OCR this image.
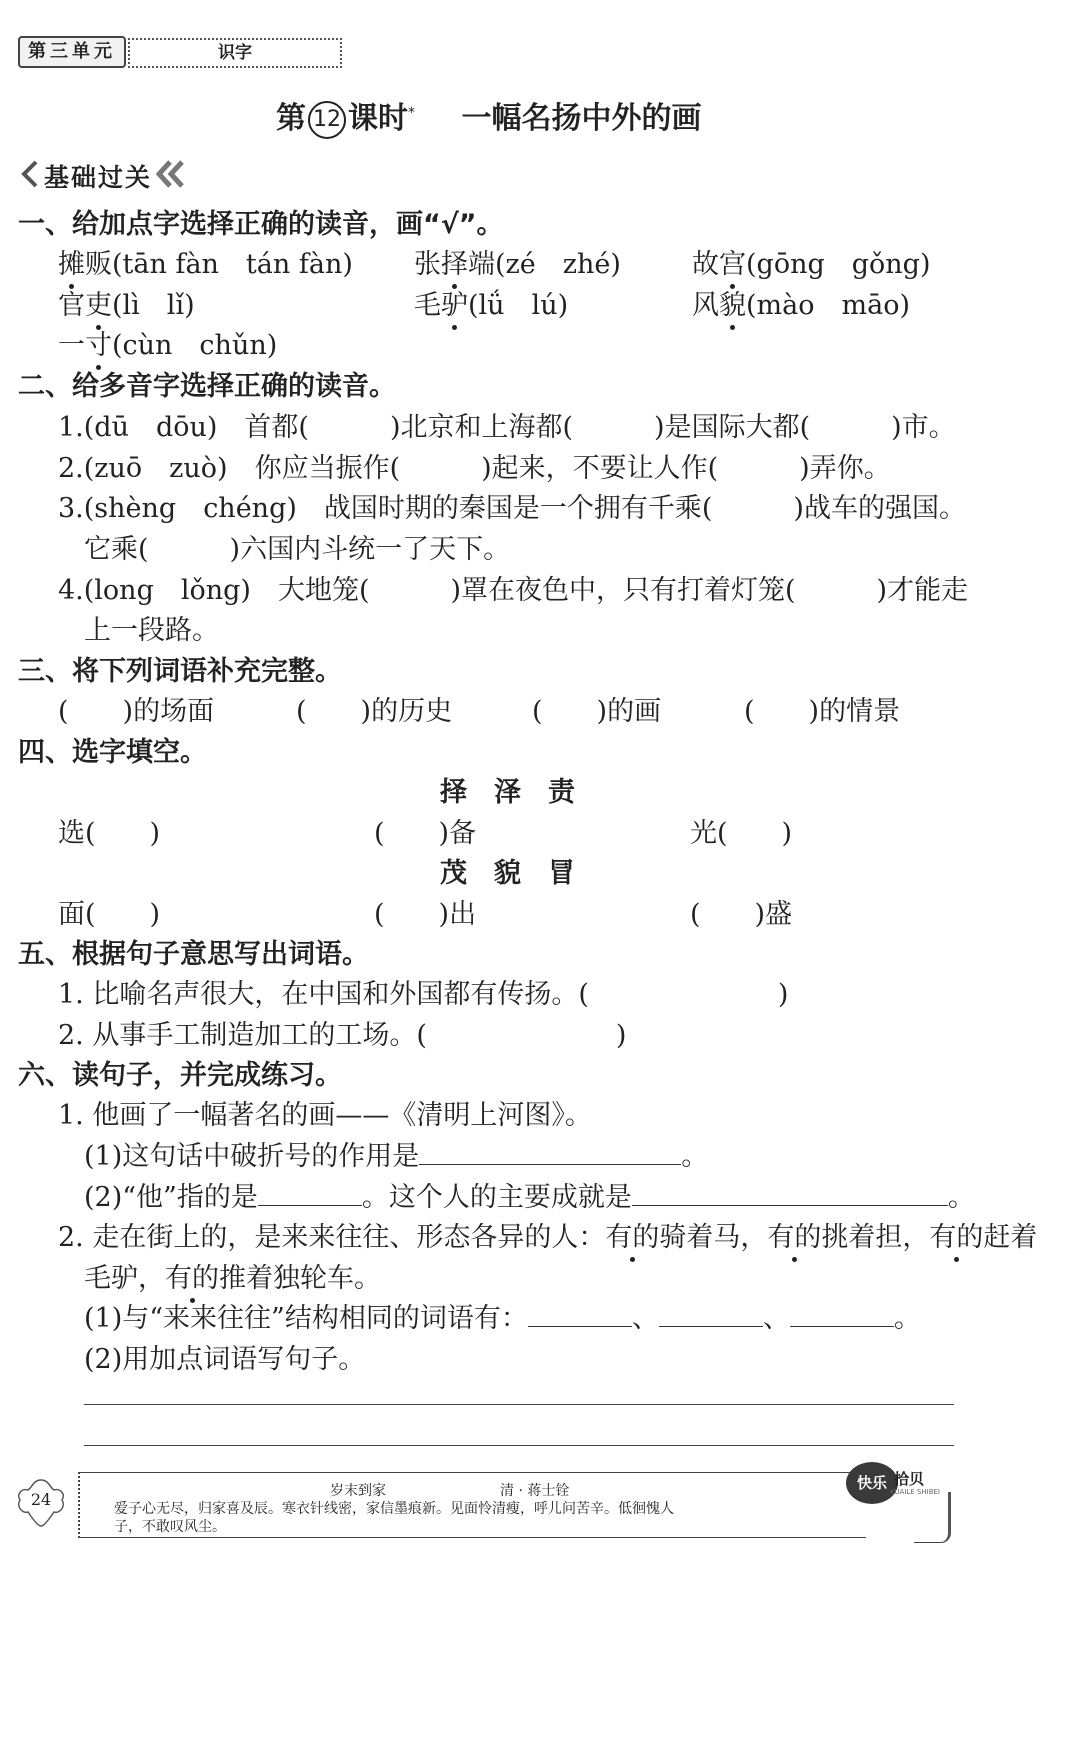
第三单元	识字
第 12 课时* 一幅名扬中外的画
基础过关
一、给加点字选择正确的读音，画“√”。
摊贩(tān fàn　tán fàn) 张择端(zé　zhé)	故宫(gōng　gǒng)
官吏(lì　lǐ)	毛驴(lǘ　lú)	风貌(mào　māo)
一寸(cùn　chǔn)
二、给多音字选择正确的读音。
1.(dū　dōu)　首都(　　　)北京和上海都(　　　)是国际大都(　　　)市。
2.(zuō　zuò)　你应当振作(　　　)起来，不要让人作(　　　)弄你。
3.(shèng　chéng)　战国时期的秦国是一个拥有千乘(　　　)战车的强国。
它乘(　　　)六国内斗统一了天下。
4.(long　lǒng)　大地笼(　　　)罩在夜色中，只有打着灯笼(　　　)才能走
上一段路。
三、将下列词语补充完整。
(　　)的场面	(　　)的历史	(　　)的画	(　　)的情景
四、选字填空。
择　泽　责
选(　　)	(　　)备	光(　　)
茂　貌　冒
面(　　)	(　　)出	(　　)盛
五、根据句子意思写出词语。
1. 比喻名声很大，在中国和外国都有传扬。(　　　　　　　)
2. 从事手工制造加工的工场。(　　　　　　　)
六、读句子，并完成练习。
1. 他画了一幅著名的画——《清明上河图》。
(1)这句话中破折号的作用是	。
(2)“他”指的是	。这个人的主要成就是	。
2. 走在街上的，是来来往往、形态各异的人：有的骑着马，有的挑着担，有的赶着
毛驴，有的推着独轮车。
(1)与“来来往往”结构相同的词语有：	、	、	。
(2)用加点词语写句子。
24	岁末到家	清 · 蒋士铨
爱子心无尽，归家喜及辰。寒衣针线密，家信墨痕新。见面怜清瘦，呼儿问苦辛。低徊愧人
子，不敢叹风尘。
快乐 拾贝
KUAILE SHIBEI
